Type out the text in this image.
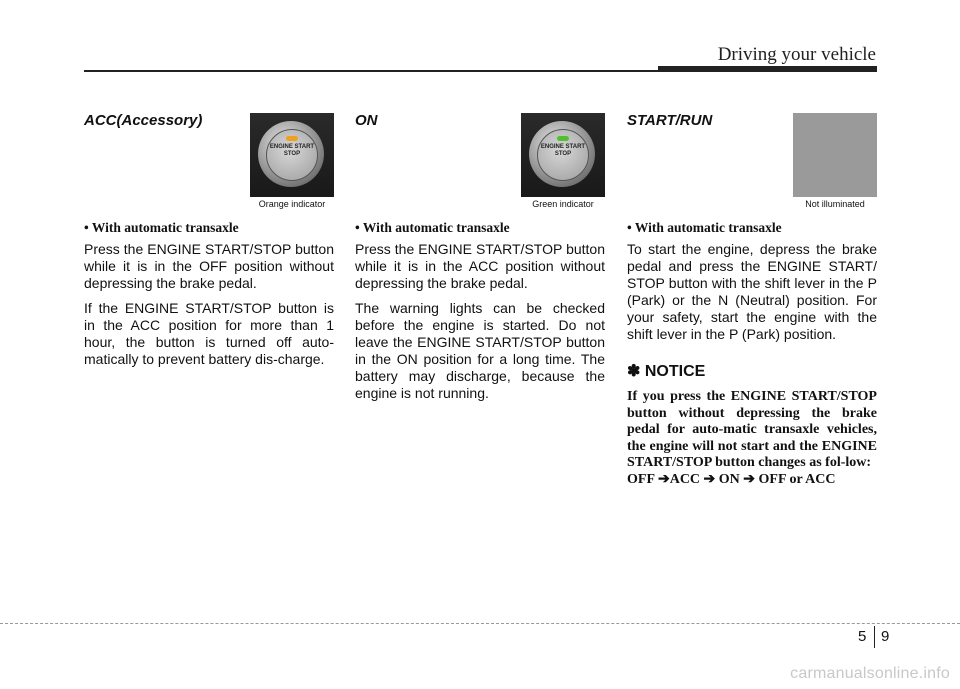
Driving your vehicle
ACC(Accessory)
ENGINE START STOP
Orange indicator

• With automatic transaxle

Press the ENGINE START/STOP button while it is in the OFF position without depressing the brake pedal.

If the ENGINE START/STOP button is in the ACC position for more than 1 hour, the button is turned off auto-matically to prevent battery dis-charge.

ON
ENGINE START STOP
Green indicator

• With automatic transaxle

Press the ENGINE START/STOP button while it is in the ACC position without depressing the brake pedal.

The warning lights can be checked before the engine is started. Do not leave the ENGINE START/STOP button in the ON position for a long time. The battery may discharge, because the engine is not running.

START/RUN
Not illuminated

• With automatic transaxle

To start the engine, depress the brake pedal and press the ENGINE START/ STOP button with the shift lever in the P (Park) or the N (Neutral) position. For your safety, start the engine with the shift lever in the P (Park) position.

✽ NOTICE

If you press the ENGINE START/STOP button without depressing the brake pedal for auto-matic transaxle vehicles, the engine will not start and the ENGINE START/STOP button changes as fol-low:

OFF ➔ACC ➔ ON ➔ OFF or ACC

5 9
carmanualsonline.info
